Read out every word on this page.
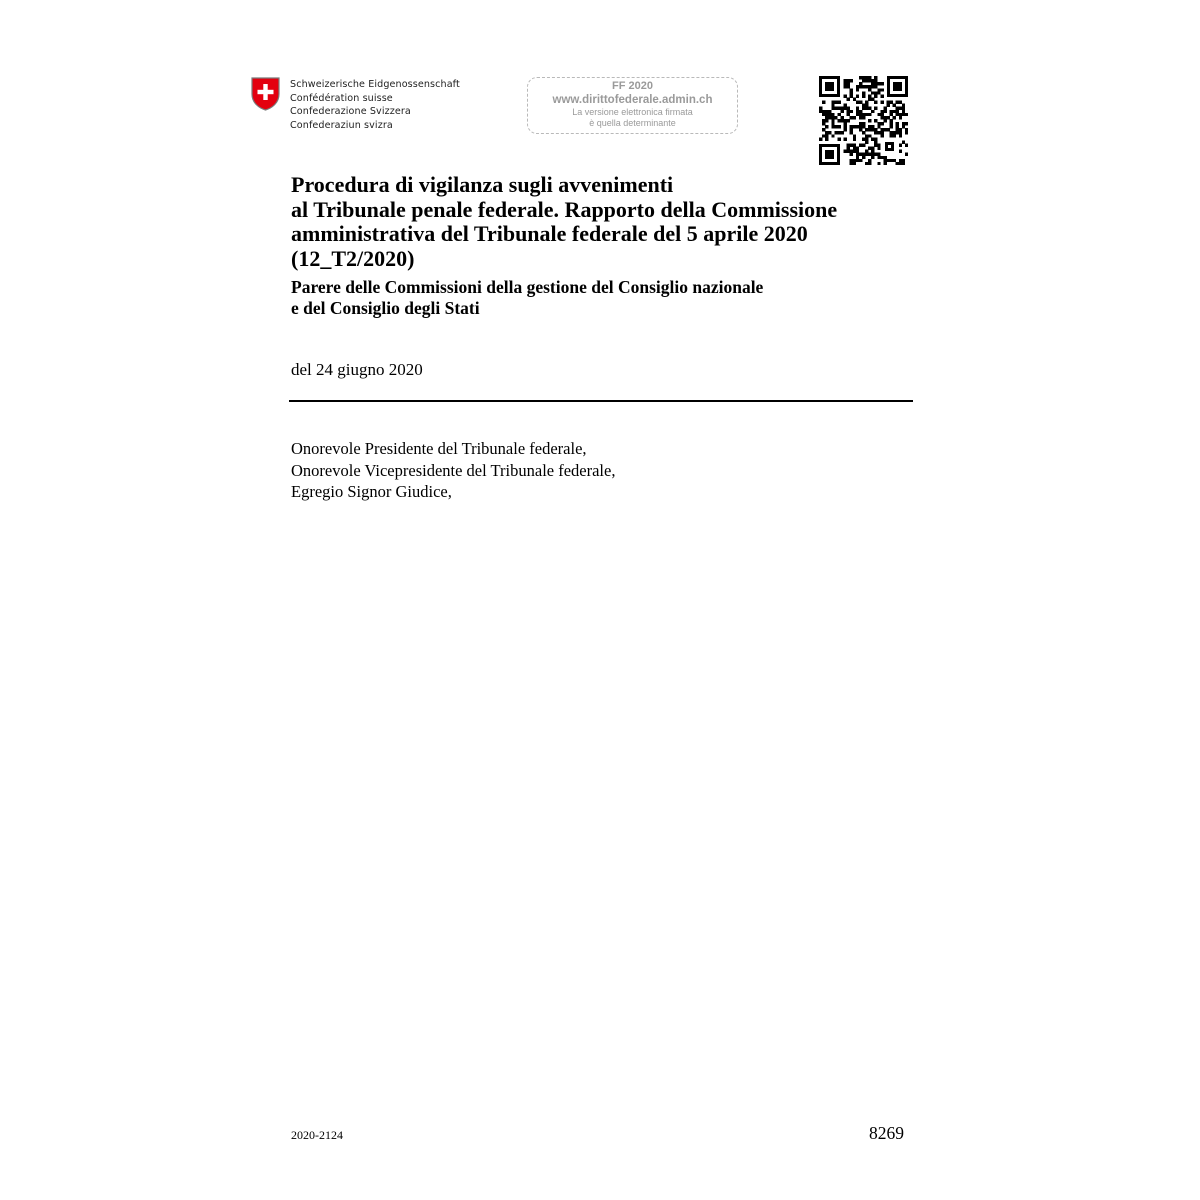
Schweizerische Eidgenossenschaft
Confédération suisse
Confederazione Svizzera
Confederaziun svizra
FF 2020
www.dirittofederale.admin.ch
La versione elettronica firmata
è quella determinante
Procedura di vigilanza sugli avvenimenti
al Tribunale penale federale. Rapporto della Commissione
amministrativa del Tribunale federale del 5 aprile 2020
(12_T2/2020)
Parere delle Commissioni della gestione del Consiglio nazionale
e del Consiglio degli Stati
del 24 giugno 2020
Onorevole Presidente del Tribunale federale,
Onorevole Vicepresidente del Tribunale federale,
Egregio Signor Giudice,
2020-2124	8269
